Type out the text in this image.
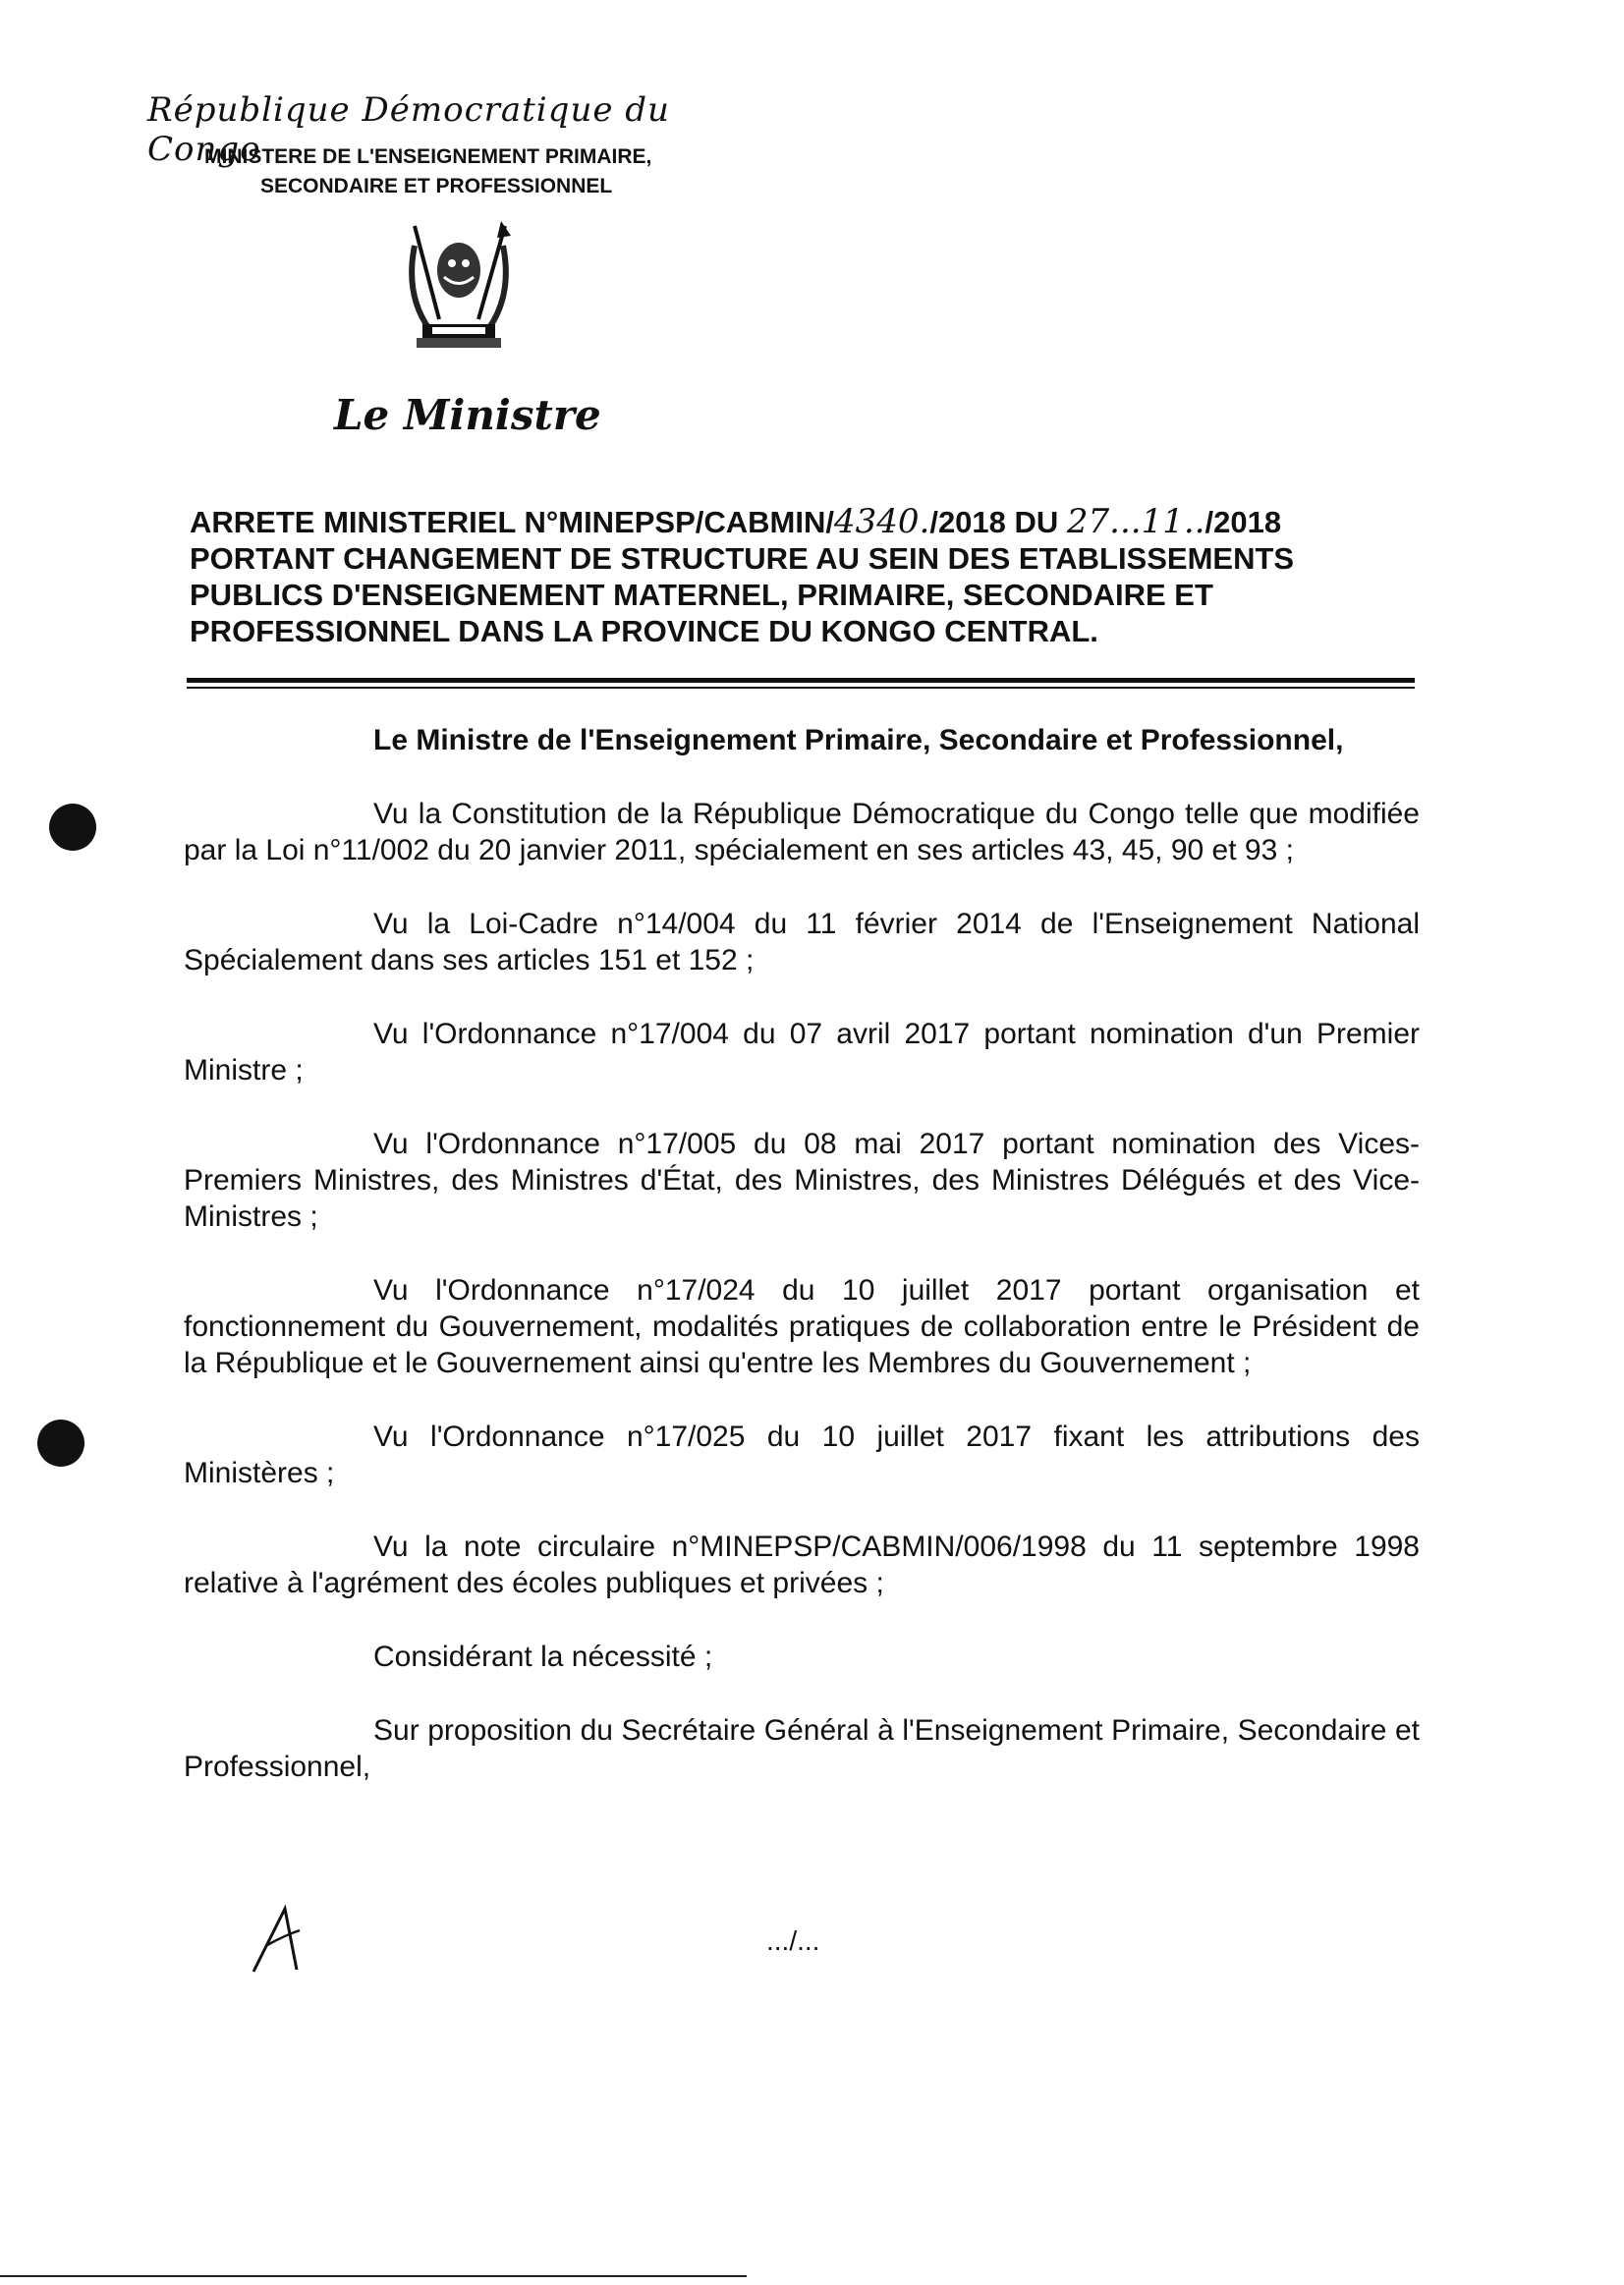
République Démocratique du Congo
MINISTERE DE L'ENSEIGNEMENT PRIMAIRE,
SECONDAIRE ET PROFESSIONNEL
Le Ministre
ARRETE MINISTERIEL N°MINEPSP/CABMIN/4340./2018 DU 27...11../2018
PORTANT CHANGEMENT DE STRUCTURE AU SEIN DES ETABLISSEMENTS
PUBLICS D'ENSEIGNEMENT MATERNEL, PRIMAIRE, SECONDAIRE ET
PROFESSIONNEL DANS LA PROVINCE DU KONGO CENTRAL.

Le Ministre de l'Enseignement Primaire, Secondaire et Professionnel,

Vu la Constitution de la République Démocratique du Congo telle que modifiée par la Loi n°11/002 du 20 janvier 2011, spécialement en ses articles 43, 45, 90 et 93 ;

Vu la Loi-Cadre n°14/004 du 11 février 2014 de l'Enseignement National Spécialement dans ses articles 151 et 152 ;

Vu l'Ordonnance n°17/004 du 07 avril 2017 portant nomination d'un Premier Ministre ;

Vu l'Ordonnance n°17/005 du 08 mai 2017 portant nomination des Vices-Premiers Ministres, des Ministres d'État, des Ministres, des Ministres Délégués et des Vice-Ministres ;

Vu l'Ordonnance n°17/024 du 10 juillet 2017 portant organisation et fonctionnement du Gouvernement, modalités pratiques de collaboration entre le Président de la République et le Gouvernement ainsi qu'entre les Membres du Gouvernement ;

Vu l'Ordonnance n°17/025 du 10 juillet 2017 fixant les attributions des Ministères ;

Vu la note circulaire n°MINEPSP/CABMIN/006/1998 du 11 septembre 1998 relative à l'agrément des écoles publiques et privées ;

Considérant la nécessité ;

Sur proposition du Secrétaire Général à l'Enseignement Primaire, Secondaire et Professionnel,

.../...
